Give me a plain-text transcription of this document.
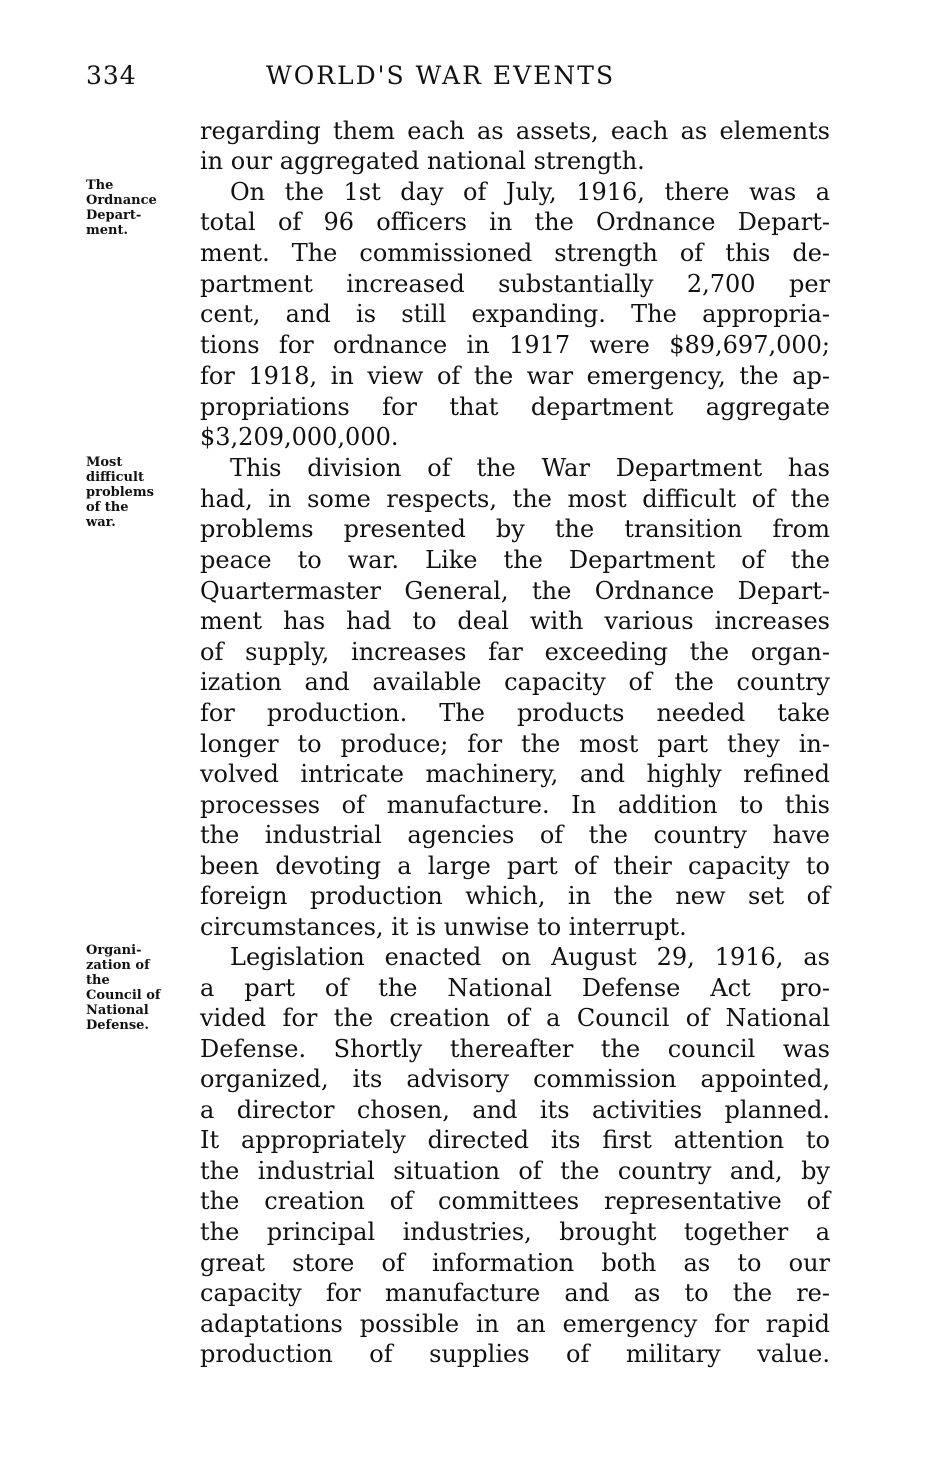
334	WORLD'S WAR EVENTS
The
Ordnance
Depart-
ment.
Most
difficult
problems
of the
war.
Organi-
zation of
the
Council of
National
Defense.
regarding them each as assets, each as elements
in our aggregated national strength.
On the 1st day of July, 1916, there was a
total of 96 officers in the Ordnance Depart-
ment. The commissioned strength of this de-
partment increased substantially 2,700 per
cent, and is still expanding. The appropria-
tions for ordnance in 1917 were $89,697,000;
for 1918, in view of the war emergency, the ap-
propriations for that department aggregate
$3,209,000,000.
This division of the War Department has
had, in some respects, the most difficult of the
problems presented by the transition from
peace to war. Like the Department of the
Quartermaster General, the Ordnance Depart-
ment has had to deal with various increases
of supply, increases far exceeding the organ-
ization and available capacity of the country
for production. The products needed take
longer to produce; for the most part they in-
volved intricate machinery, and highly refined
processes of manufacture. In addition to this
the industrial agencies of the country have
been devoting a large part of their capacity to
foreign production which, in the new set of
circumstances, it is unwise to interrupt.
Legislation enacted on August 29, 1916, as
a part of the National Defense Act pro-
vided for the creation of a Council of National
Defense. Shortly thereafter the council was
organized, its advisory commission appointed,
a director chosen, and its activities planned.
It appropriately directed its first attention to
the industrial situation of the country and, by
the creation of committees representative of
the principal industries, brought together a
great store of information both as to our
capacity for manufacture and as to the re-
adaptations possible in an emergency for rapid
production of supplies of military value.
